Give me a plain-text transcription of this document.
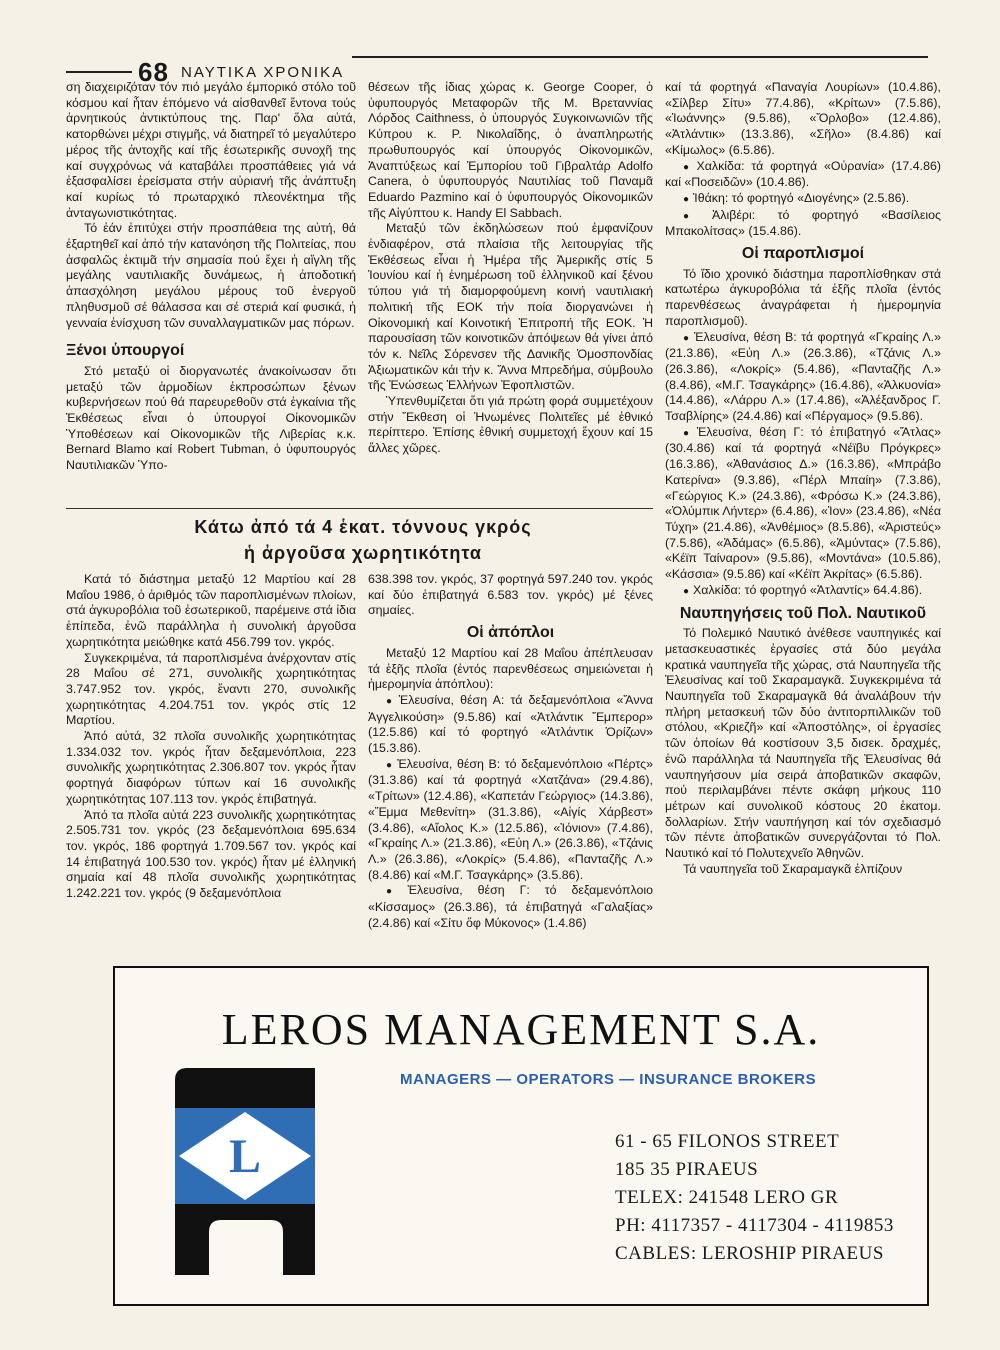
68 ΝΑΥΤΙΚΑ ΧΡΟΝΙΚΑ

ση διαχειριζόταν τόν πιό μεγάλο έμπορικό στόλο τοῦ κόσμου καί ἦταν ἐπόμενο νά αἰσθανθεῖ ἔντονα τούς ἀρνητικούς ἀντικτύπους της. Παρ' ὅλα αὐτά, κατορθώνει μέχρι στιγμῆς, νά διατηρεῖ τό μεγαλύτερο μέρος τῆς ἀντοχῆς καί τῆς ἐσωτερικῆς συνοχῆ της καί συγχρόνως νά καταβάλει προσπάθειες γιά νά ἐξασφαλίσει ἐρείσματα στήν αὐριανή τῆς ἀνάπτυξη καί κυρίως τό πρωταρχικό πλεονέκτημα τῆς ἀνταγωνιστικότητας.

Τό ἐάν ἐπιτύχει στήν προσπάθεια της αὐτή, θά ἐξαρτηθεῖ καί ἀπό τήν κατανόηση τῆς Πολιτείας, που ἀσφαλῶς ἐκτιμᾶ τήν σημασία πού ἔχει ἡ αἴγλη τῆς μεγάλης ναυτιλιακῆς δυνάμεως, ἡ ἀποδοτική ἀπασχόληση μεγάλου μέρους τοῦ ἐνεργοῦ πληθυσμοῦ σέ θάλασσα και σέ στεριά καί φυσικά, ἡ γενναία ἐνίσχυση τῶν συναλλαγματικῶν μας πόρων.

Ξένοι ὑπουργοί

Στό μεταξύ οἱ διοργανωτές ἀνακοίνωσαν ὅτι μεταξύ τῶν ἁρμοδίων ἐκπροσώπων ξένων κυβερνήσεων πού θά παρευρεθοῦν στά ἐγκαίνια τῆς Ἐκθέσεως εἶναι ὁ ὑπουργοί Οἰκονομικῶν Ὑποθέσεων καί Οἰκονομικῶν τῆς Λιβερίας κ.κ. Bernard Blamo καί Robert Tubman, ὁ ὑφυπουργός Ναυτιλιακῶν Ὑπο-

θέσεων τῆς ἰδιας χώρας κ. George Cooper, ὁ ὑφυπουργός Μεταφορῶν τῆς Μ. Βρεταννίας Λόρδος Caithness, ὁ ὑπουργός Συγκοινωνιῶν τῆς Κύπρου κ. Ρ. Νικολαΐδης, ὁ ἀναπληρωτής πρωθυπουργός καί ὑπουργός Οἰκονομικῶν, Ἀναπτύξεως καί Ἐμπορίου τοῦ Γιβραλτάρ Adolfo Canera, ὁ ὑφυπουργός Ναυτιλίας τοῦ Παναμᾶ Eduardo Pazmino καί ὁ ὑφυπουργός Οἰκονομικῶν τῆς Αἰγύπτου κ. Handy El Sabbach.

Μεταξύ τῶν ἐκδηλώσεων πού ἐμφανίζουν ἐνδιαφέρον, στά πλαίσια τῆς λειτουργίας τῆς Ἐκθέσεως εἶναι ἡ Ἡμέρα τῆς Ἀμερικῆς στίς 5 Ἰουνίου καί ἡ ἐνημέρωση τοῦ ἑλληνικοῦ καί ξένου τύπου γιά τή διαμορφούμενη κοινή ναυτιλιακή πολιτική τῆς ΕΟΚ τήν ποία διοργανώνει ἡ Οἰκονομική καί Κοινοτική Ἐπιτροπή τῆς ΕΟΚ. Ἡ παρουσίαση τῶν κοινοτικῶν ἀπόψεων θά γίνει ἀπό τόν κ. Νεῖλς Σόρενσεν τῆς Δανικῆς Ὁμοσπονδίας Ἀξιωματικῶν κάι τήν κ. Ἄννα Μπρεδήμα, σύμβουλο τῆς Ἑνώσεως Ἑλλήνων Ἐφοπλιστῶν.

Ὑπενθυμίζεται ὅτι γιά πρώτη φορά συμμετέχουν στήν Ἔκθεση οἱ Ἡνωμένες Πολιτεῖες μέ ἐθνικό περίπτερο. Ἐπίσης ἐθνική συμμετοχή ἔχουν καί 15 ἄλλες χῶρες.

καί τά φορτηγά «Παναγία Λουρίων» (10.4.86), «Σίλβερ Σίτυ» 77.4.86), «Κρίτων» (7.5.86), «Ἰωάννης» (9.5.86), «Ὄρλοβο» (12.4.86), «Ἀτλάντικ» (13.3.86), «Σῆλο» (8.4.86) καί «Κίμωλος» (6.5.86).

● Χαλκίδα: τά φορτηγά «Οὐρανία» (17.4.86) καί «Ποσειδῶν» (10.4.86).

● Ἰθάκη: τό φορτηγό «Διογένης» (2.5.86).

● Ἀλιβέρι: τό φορτηγό «Βασίλειος Μπακολίτσας» (15.4.86).

Οἱ παροπλισμοί

Τό ἴδιο χρονικό διάστημα παροπλίσθηκαν στά κατωτέρω ἀγκυροβόλια τά ἑξῆς πλοῖα (ἐντός παρενθέσεως ἀναγράφεται ἡ ἡμερομηνία παροπλισμοῦ).

● Ἐλευσίνα, θέση Β: τά φορτηγά «Γκραίης Λ.» (21.3.86), «Εὐη Λ.» (26.3.86), «Τζάνις Λ.» (26.3.86), «Λοκρίς» (5.4.86), «Πανταζῆς Λ.» (8.4.86), «Μ.Γ. Τσαγκάρης» (16.4.86), «Ἀλκυονία» (14.4.86), «Λάρρυ Λ.» (17.4.86), «Ἀλέξανδρος Γ. Τσαβλίρης» (24.4.86) καί «Πέργαμος» (9.5.86).

● Ἐλευσίνα, θέση Γ: τό ἐπιβατηγό «Ἄτλας» (30.4.86) καί τά φορτηγά «Νέϊβυ Πρόγκρες» (16.3.86), «Ἀθανάσιος Δ.» (16.3.86), «Μπράβο Κατερίνα» (9.3.86), «Πέρλ Μπαίη» (7.3.86), «Γεώργιος Κ.» (24.3.86), «Φρόσω Κ.» (24.3.86), «Ὀλύμπικ Λήντερ» (6.4.86), «Ἰον» (23.4.86), «Νέα Τύχη» (21.4.86), «Ἀνθέμιος» (8.5.86), «Ἀριστεύς» (7.5.86), «Ἀδάμας» (6.5.86), «Ἀμύντας» (7.5.86), «Κέϊπ Ταίναρον» (9.5.86), «Μοντάνα» (10.5.86), «Κάσσια» (9.5.86) καί «Κέϊπ Ἀκρίτας» (6.5.86).

● Χαλκίδα: τό φορτηγό «Ἀτλαντίς» 64.4.86).

Ναυπηγήσεις τοῦ Πολ. Ναυτικοῦ

Τό Πολεμικό Ναυτικό ἀνέθεσε ναυπηγικές καί μετασκευαστικές ἐργασίες στά δύο μεγάλα κρατικά ναυπηγεῖα τῆς χώρας, στά Ναυπηγεῖα τῆς Ἐλευσίνας καί τοῦ Σκαραμαγκᾶ. Συγκεκριμένα τά Ναυπηγεῖα τοῦ Σκαραμαγκᾶ θά ἀναλάβουν τήν πλήρη μετασκευή τῶν δύο ἀντιτορπιλλικῶν τοῦ στόλου, «Κριεζῆ» καί «Ἀποστόλης», οἱ ἐργασίες τῶν ὁποίων θά κοστίσουν 3,5 δισεκ. δραχμές, ἐνῶ παράλληλα τά Ναυπηγεῖα τῆς Ἐλευσίνας θά ναυπηγήσουν μία σειρά ἀποβατικῶν σκαφῶν, πού περιλαμβάνει πέντε σκάφη μήκους 110 μέτρων καί συνολικοῦ κόστους 20 ἑκατομ. δολλαρίων. Στήν ναυπήγηση καί τόν σχεδιασμό τῶν πέντε ἀποβατικῶν συνεργάζονται τό Πολ. Ναυτικό καί τό Πολυτεχνεῖο Ἀθηνῶν.

Τά ναυπηγεῖα τοῦ Σκαραμαγκᾶ ἐλπίζουν

Κάτω ἀπό τά 4 ἑκατ. τόννους γκρός
ἡ ἀργοῦσα χωρητικότητα

Κατά τό διάστημα μεταξύ 12 Μαρτίου καί 28 Μαΐου 1986, ὁ ἀριθμός τῶν παροπλισμένων πλοίων, στά ἀγκυροβόλια τοῦ ἐσωτερικοῦ, παρέμεινε στά ἰδια ἐπίπεδα, ἐνῶ παράλληλα ἡ συνολική ἀργοῦσα χωρητικότητα μειώθηκε κατά 456.799 τον. γκρός.

Συγκεκριμένα, τά παροπλισμένα ἀνέρχονταν στίς 28 Μαΐου σέ 271, συνολικῆς χωρητικότητας 3.747.952 τον. γκρός, ἔναντι 270, συνολικῆς χωρητικότητας 4.204.751 τον. γκρός στίς 12 Μαρτίου.

Ἀπό αὐτά, 32 πλοῖα συνολικῆς χωρητικότητας 1.334.032 τον. γκρός ἦταν δεξαμενόπλοια, 223 συνολικῆς χωρητικότητας 2.306.807 τον. γκρός ἦταν φορτηγά διαφόρων τύπων καί 16 συνολικῆς χωρητικότητας 107.113 τον. γκρός ἐπιβατηγά.

Ἀπό τα πλοῖα αὐτά 223 συνολικῆς χωρητικότητας 2.505.731 τον. γκρός (23 δεξαμενόπλοια 695.634 τον. γκρός, 186 φορτηγά 1.709.567 τον. γκρός καί 14 ἐπιβατηγά 100.530 τον. γκρός) ἦταν μέ ἑλληνική σημαία καί 48 πλοῖα συνολικῆς χωρητικότητας 1.242.221 τον. γκρός (9 δεξαμενόπλοια

638.398 τον. γκρός, 37 φορτηγά 597.240 τον. γκρός καί δύο ἐπιβατηγά 6.583 τον. γκρός) μέ ξένες σημαίες.

Οἱ ἀπόπλοι

Μεταξύ 12 Μαρτίου καί 28 Μαΐου ἀπέπλευσαν τά ἑξῆς πλοῖα (ἐντός παρενθέσεως σημειώνεται ἡ ἡμερομηνία ἀπόπλου):

● Ἐλευσίνα, θέση Α: τά δεξαμενόπλοια «Ἄννα Ἀγγελικούση» (9.5.86) καί «Ἀτλάντικ Ἔμπερορ» (12.5.86) καί τό φορτηγό «Ἀτλάντικ Ὁρίζων» (15.3.86).

● Ἐλευσίνα, θέση Β: τό δεξαμενόπλοιο «Πέρτς» (31.3.86) καί τά φορτηγά «Χατζάνα» (29.4.86), «Τρίτων» (12.4.86), «Καπετάν Γεώργιος» (14.3.86), «Ἔμμα Μεθενίτη» (31.3.86), «Αἰγίς Χάρβεστ» (3.4.86), «Αἴολος Κ.» (12.5.86), «Ἰόνιον» (7.4.86), «Γκραίης Λ.» (21.3.86), «Εὐη Λ.» (26.3.86), «Τζάνις Λ.» (26.3.86), «Λοκρίς» (5.4.86), «Πανταζῆς Λ.» (8.4.86) καί «Μ.Γ. Τσαγκάρης» (3.5.86).

● Ἐλευσίνα, θέση Γ: τό δεξαμενόπλοιο «Κίσσαμος» (26.3.86), τά ἐπιβατηγά «Γαλαξίας» (2.4.86) καί «Σίτυ ὄφ Μύκονος» (1.4.86)

LEROS MANAGEMENT S.A.
MANAGERS — OPERATORS — INSURANCE BROKERS
L	61 - 65 FILONOS STREET
185 35 PIRAEUS
TELEX: 241548 LERO GR
PH: 4117357 - 4117304 - 4119853
CABLES: LEROSHIP PIRAEUS
